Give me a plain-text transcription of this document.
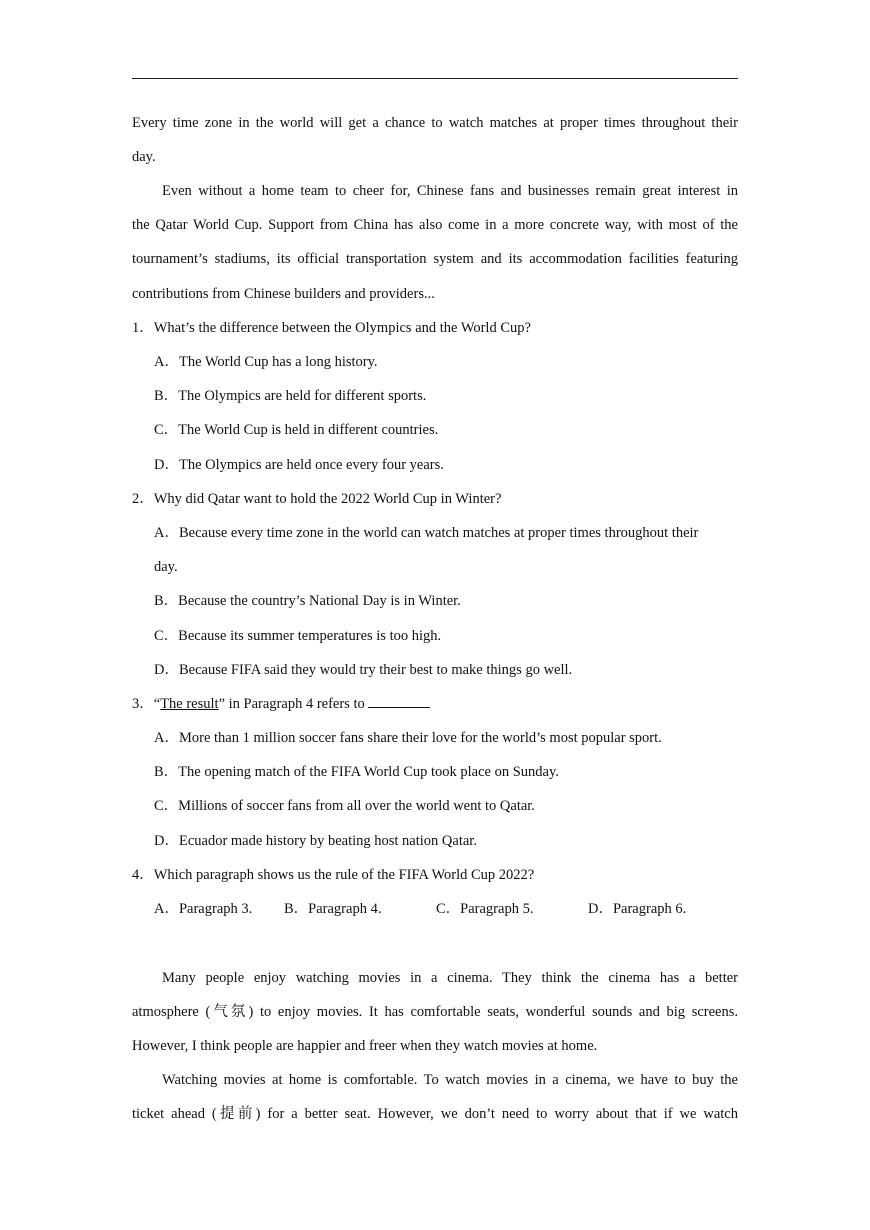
Every time zone in the world will get a chance to watch matches at proper times throughout their
day.
Even without a home team to cheer for, Chinese fans and businesses remain great interest in
the Qatar World Cup. Support from China has also come in a more concrete way, with most of the
tournament’s stadiums, its official transportation system and its accommodation facilities featuring
contributions from Chinese builders and providers...
1．What’s the difference between the Olympics and the World Cup?
A．The World Cup has a long history.
B．The Olympics are held for different sports.
C．The World Cup is held in different countries.
D．The Olympics are held once every four years.
2．Why did Qatar want to hold the 2022 World Cup in Winter?
A．Because every time zone in the world can watch matches at proper times throughout their
day.
B．Because the country’s National Day is in Winter.
C．Because its summer temperatures is too high.
D．Because FIFA said they would try their best to make things go well.
3．“The result” in Paragraph 4 refers to
A．More than 1 million soccer fans share their love for the world’s most popular sport.
B．The opening match of the FIFA World Cup took place on Sunday.
C．Millions of soccer fans from all over the world went to Qatar.
D．Ecuador made history by beating host nation Qatar.
4．Which paragraph shows us the rule of the FIFA World Cup 2022?
A．Paragraph 3. B．Paragraph 4.	C．Paragraph 5.	D．Paragraph 6.
Many people enjoy watching movies in a cinema. They think the cinema has a better
atmosphere (气氛) to enjoy movies. It has comfortable seats, wonderful sounds and big screens.
However, I think people are happier and freer when they watch movies at home.
Watching movies at home is comfortable. To watch movies in a cinema, we have to buy the
ticket ahead (提前) for a better seat. However, we don’t need to worry about that if we watch
